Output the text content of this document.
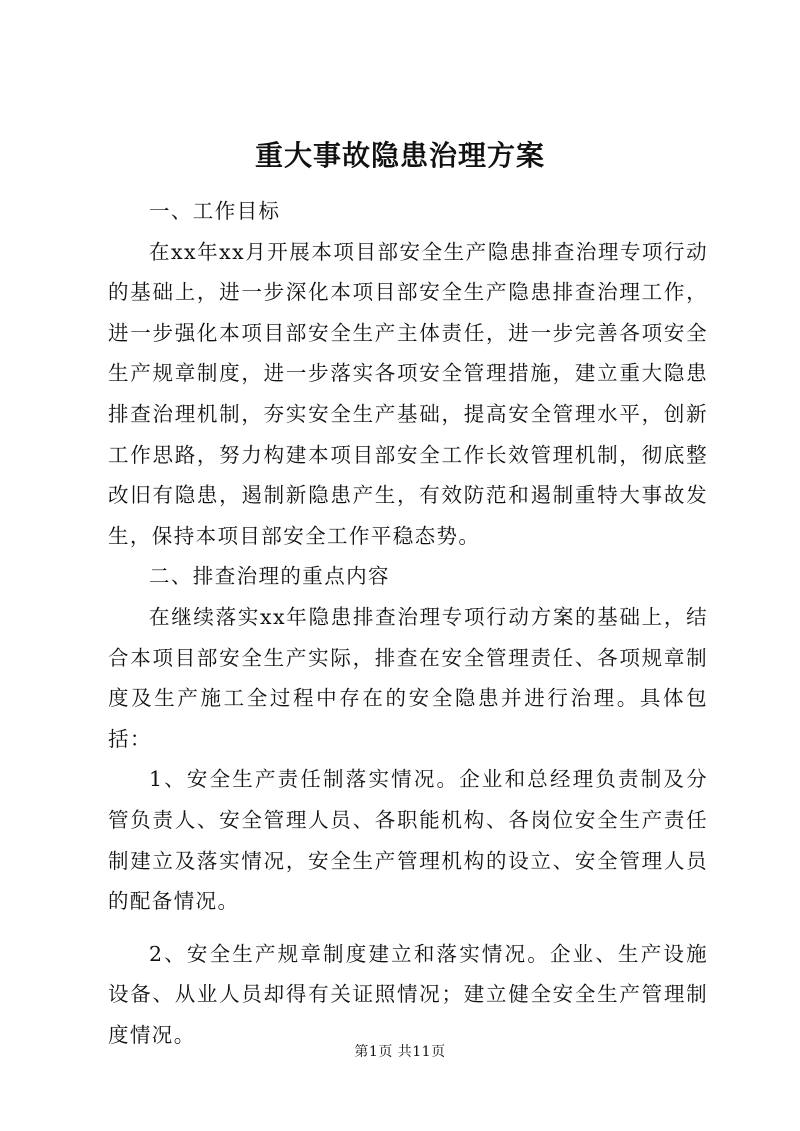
重大事故隐患治理方案

一、工作目标

在xx年xx月开展本项目部安全生产隐患排查治理专项行动的基础上，进一步深化本项目部安全生产隐患排查治理工作，进一步强化本项目部安全生产主体责任，进一步完善各项安全生产规章制度，进一步落实各项安全管理措施，建立重大隐患排查治理机制，夯实安全生产基础，提高安全管理水平，创新工作思路，努力构建本项目部安全工作长效管理机制，彻底整改旧有隐患，遏制新隐患产生，有效防范和遏制重特大事故发生，保持本项目部安全工作平稳态势。

二、排查治理的重点内容

在继续落实xx年隐患排查治理专项行动方案的基础上，结合本项目部安全生产实际，排查在安全管理责任、各项规章制度及生产施工全过程中存在的安全隐患并进行治理。具体包括：

1、安全生产责任制落实情况。企业和总经理负责制及分管负责人、安全管理人员、各职能机构、各岗位安全生产责任制建立及落实情况，安全生产管理机构的设立、安全管理人员的配备情况。

2、安全生产规章制度建立和落实情况。企业、生产设施设备、从业人员却得有关证照情况；建立健全安全生产管理制度情况。

第1页 共11页
